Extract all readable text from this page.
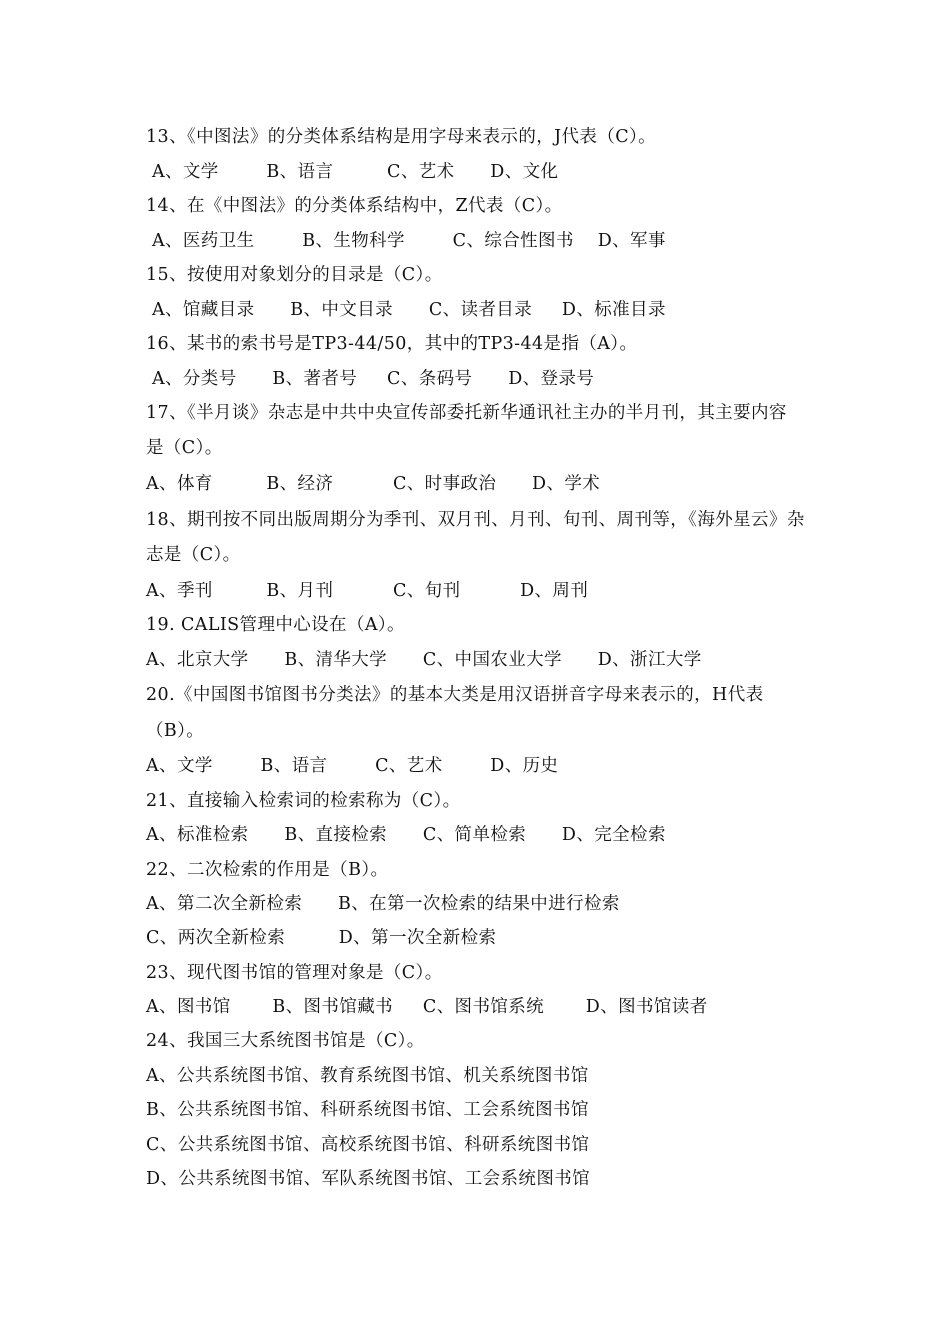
13、《中图法》的分类体系结构是用字母来表示的，J代表（C）。

A、文学        B、语言         C、艺术      D、文化

14、在《中图法》的分类体系结构中，Z代表（C）。

A、医药卫生        B、生物科学        C、综合性图书    D、军事

15、按使用对象划分的目录是（C）。

A、馆藏目录      B、中文目录      C、读者目录     D、标准目录

16、某书的索书号是TP3-44/50，其中的TP3-44是指（A）。

A、分类号      B、著者号     C、条码号      D、登录号

17、《半月谈》杂志是中共中央宣传部委托新华通讯社主办的半月刊，其主要内容

是（C）。

A、体育         B、经济          C、时事政治      D、学术

18、期刊按不同出版周期分为季刊、双月刊、月刊、旬刊、周刊等，《海外星云》杂

志是（C）。

A、季刊         B、月刊          C、旬刊          D、周刊

19. CALIS管理中心设在（A）。

A、北京大学      B、清华大学      C、中国农业大学      D、浙江大学

20.《中国图书馆图书分类法》的基本大类是用汉语拼音字母来表示的，H代表

（B）。

A、文学        B、语言        C、艺术        D、历史

21、直接输入检索词的检索称为（C）。

A、标准检索      B、直接检索      C、简单检索      D、完全检索

22、二次检索的作用是（B）。

A、第二次全新检索      B、在第一次检索的结果中进行检索

C、两次全新检索         D、第一次全新检索

23、现代图书馆的管理对象是（C）。

A、图书馆       B、图书馆藏书     C、图书馆系统       D、图书馆读者

24、我国三大系统图书馆是（C）。

A、公共系统图书馆、教育系统图书馆、机关系统图书馆

B、公共系统图书馆、科研系统图书馆、工会系统图书馆

C、公共系统图书馆、高校系统图书馆、科研系统图书馆

D、公共系统图书馆、军队系统图书馆、工会系统图书馆
